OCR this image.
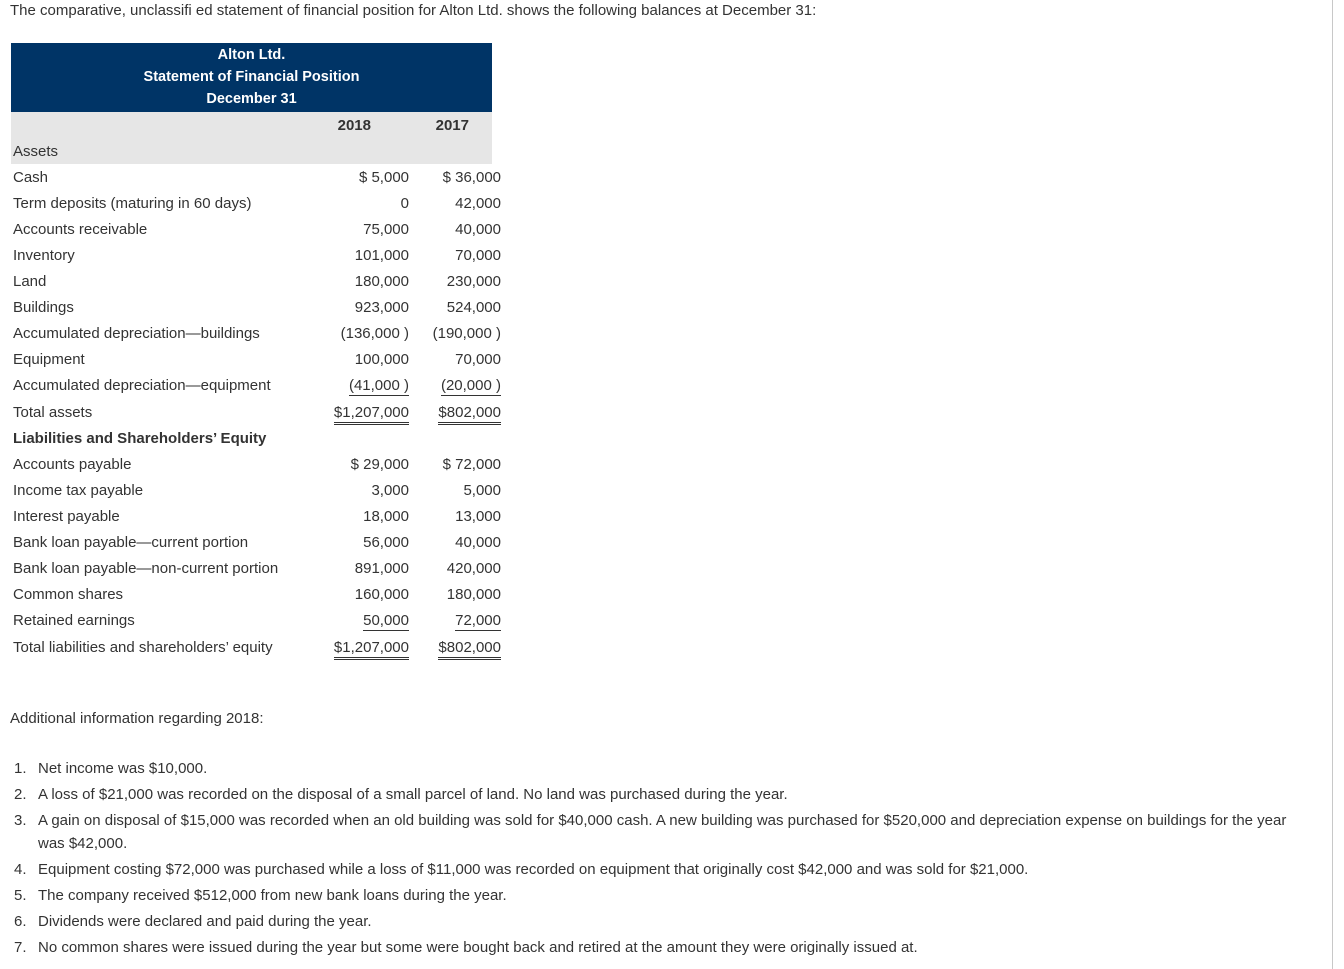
The comparative, unclassifi ed statement of financial position for Alton Ltd. shows the following balances at December 31:
Alton Ltd.
Statement of Financial Position
December 31
2018	2017
Assets
Cash	$ 5,000 $ 36,000
Term deposits (maturing in 60 days)	0	42,000
Accounts receivable	75,000	40,000
Inventory	101,000	70,000
Land	180,000	230,000
Buildings	923,000	524,000
Accumulated depreciation—buildings	(136,000 ) (190,000 )
Equipment	100,000	70,000
Accumulated depreciation—equipment	(41,000 ) (20,000 )
Total assets	$1,207,000 $802,000
Liabilities and Shareholders’ Equity
Accounts payable	$ 29,000 $ 72,000
Income tax payable	3,000	5,000
Interest payable	18,000	13,000
Bank loan payable—current portion	56,000	40,000
Bank loan payable—non-current portion	891,000	420,000
Common shares	160,000	180,000
Retained earnings	50,000	72,000
Total liabilities and shareholders’ equity	$1,207,000 $802,000
Additional information regarding 2018:
1. Net income was $10,000.
2. A loss of $21,000 was recorded on the disposal of a small parcel of land. No land was purchased during the year.
3. A gain on disposal of $15,000 was recorded when an old building was sold for $40,000 cash. A new building was purchased for $520,000 and depreciation expense on buildings for the year was $42,000.
4. Equipment costing $72,000 was purchased while a loss of $11,000 was recorded on equipment that originally cost $42,000 and was sold for $21,000.
5. The company received $512,000 from new bank loans during the year.
6. Dividends were declared and paid during the year.
7. No common shares were issued during the year but some were bought back and retired at the amount they were originally issued at.
